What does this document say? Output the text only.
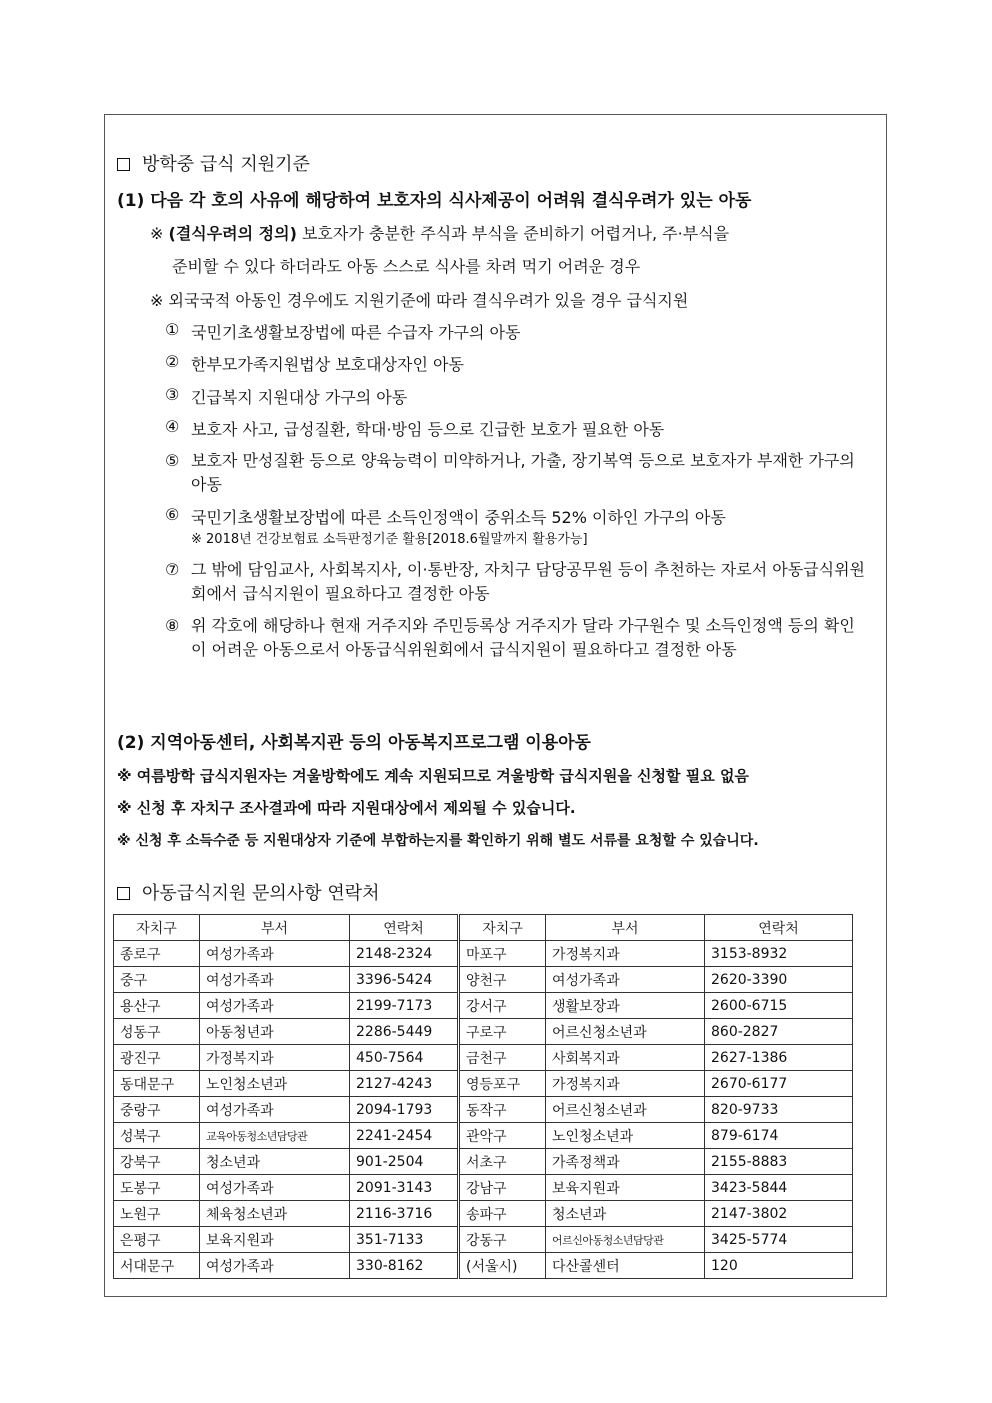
방학중 급식 지원기준
(1) 다음 각 호의 사유에 해당하여 보호자의 식사제공이 어려워 결식우려가 있는 아동
※ (결식우려의 정의) 보호자가 충분한 주식과 부식을 준비하기 어렵거나, 주·부식을
준비할 수 있다 하더라도 아동 스스로 식사를 차려 먹기 어려운 경우
※ 외국국적 아동인 경우에도 지원기준에 따라 결식우려가 있을 경우 급식지원
① 국민기초생활보장법에 따른 수급자 가구의 아동
② 한부모가족지원법상 보호대상자인 아동
③ 긴급복지 지원대상 가구의 아동
④ 보호자 사고, 급성질환, 학대·방임 등으로 긴급한 보호가 필요한 아동
⑤ 보호자 만성질환 등으로 양육능력이 미약하거나, 가출, 장기복역 등으로 보호자가 부재한 가구의 아동
⑥ 국민기초생활보장법에 따른 소득인정액이 중위소득 52% 이하인 가구의 아동
※ 2018년 건강보험료 소득판정기준 활용[2018.6월말까지 활용가능]
⑦ 그 밖에 담임교사, 사회복지사, 이·통반장, 자치구 담당공무원 등이 추천하는 자로서 아동급식위원회에서 급식지원이 필요하다고 결정한 아동
⑧ 위 각호에 해당하나 현재 거주지와 주민등록상 거주지가 달라 가구원수 및 소득인정액 등의 확인이 어려운 아동으로서 아동급식위원회에서 급식지원이 필요하다고 결정한 아동
(2) 지역아동센터, 사회복지관 등의 아동복지프로그램 이용아동
※ 여름방학 급식지원자는 겨울방학에도 계속 지원되므로 겨울방학 급식지원을 신청할 필요 없음
※ 신청 후 자치구 조사결과에 따라 지원대상에서 제외될 수 있습니다.
※ 신청 후 소득수준 등 지원대상자 기준에 부합하는지를 확인하기 위해 별도 서류를 요청할 수 있습니다.
아동급식지원 문의사항 연락처
자치구	부서	연락처	자치구	부서	연락처
종로구	여성가족과	2148-2324	마포구	가정복지과	3153-8932
중구	여성가족과	3396-5424	양천구	여성가족과	2620-3390
용산구	여성가족과	2199-7173	강서구	생활보장과	2600-6715
성동구	아동청년과	2286-5449	구로구	어르신청소년과	860-2827
광진구	가정복지과	450-7564	금천구	사회복지과	2627-1386
동대문구	노인청소년과	2127-4243	영등포구	가정복지과	2670-6177
중랑구	여성가족과	2094-1793	동작구	어르신청소년과	820-9733
성북구	교육아동청소년담당관	2241-2454	관악구	노인청소년과	879-6174
강북구	청소년과	901-2504	서초구	가족정책과	2155-8883
도봉구	여성가족과	2091-3143	강남구	보육지원과	3423-5844
노원구	체육청소년과	2116-3716	송파구	청소년과	2147-3802
은평구	보육지원과	351-7133	강동구	어르신아동청소년담당관	3425-5774
서대문구	여성가족과	330-8162	(서울시)	다산콜센터	120
